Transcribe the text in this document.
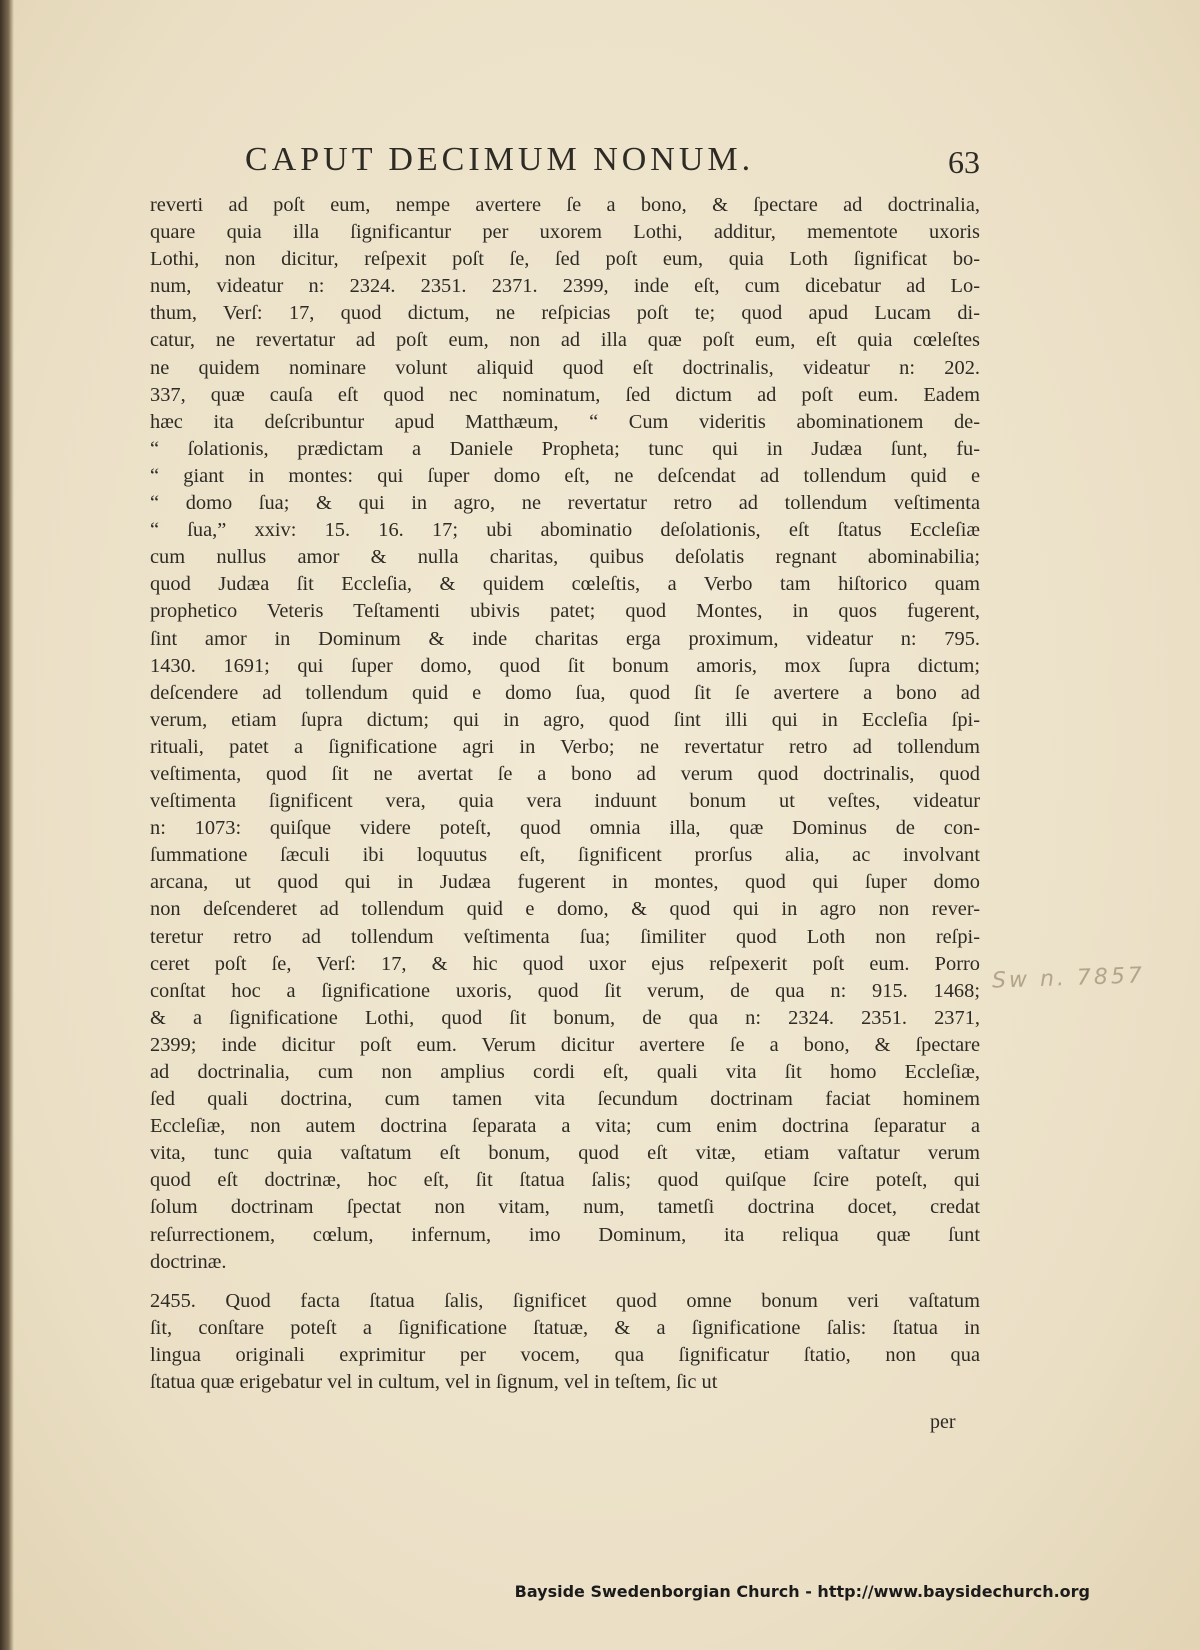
CAPUT DECIMUM NONUM.	63
reverti ad poſt eum, nempe avertere ſe a bono, & ſpectare ad doctrinalia,
quare quia illa ſignificantur per uxorem Lothi, additur, mementote uxoris
Lothi, non dicitur, reſpexit poſt ſe, ſed poſt eum, quia Loth ſignificat bo-
num, videatur n: 2324. 2351. 2371. 2399, inde eſt, cum dicebatur ad Lo-
thum, Verſ: 17, quod dictum, ne reſpicias poſt te; quod apud Lucam di-
catur, ne revertatur ad poſt eum, non ad illa quæ poſt eum, eſt quia cœleſtes
ne quidem nominare volunt aliquid quod eſt doctrinalis, videatur n: 202.
337, quæ cauſa eſt quod nec nominatum, ſed dictum ad poſt eum. Eadem
hæc ita deſcribuntur apud Matthæum, “ Cum videritis abominationem de-
“ ſolationis, prædictam a Daniele Propheta; tunc qui in Judæa ſunt, fu-
“ giant in montes: qui ſuper domo eſt, ne deſcendat ad tollendum quid e
“ domo ſua; & qui in agro, ne revertatur retro ad tollendum veſtimenta
“ ſua,” xxiv: 15. 16. 17; ubi abominatio deſolationis, eſt ſtatus Eccleſiæ
cum nullus amor & nulla charitas, quibus deſolatis regnant abominabilia;
quod Judæa ſit Eccleſia, & quidem cœleſtis, a Verbo tam hiſtorico quam
prophetico Veteris Teſtamenti ubivis patet; quod Montes, in quos fugerent,
ſint amor in Dominum & inde charitas erga proximum, videatur n: 795.
1430. 1691; qui ſuper domo, quod ſit bonum amoris, mox ſupra dictum;
deſcendere ad tollendum quid e domo ſua, quod ſit ſe avertere a bono ad
verum, etiam ſupra dictum; qui in agro, quod ſint illi qui in Eccleſia ſpi-
rituali, patet a ſignificatione agri in Verbo; ne revertatur retro ad tollendum
veſtimenta, quod ſit ne avertat ſe a bono ad verum quod doctrinalis, quod
veſtimenta ſignificent vera, quia vera induunt bonum ut veſtes, videatur
n: 1073: quiſque videre poteſt, quod omnia illa, quæ Dominus de con-
ſummatione ſæculi ibi loquutus eſt, ſignificent prorſus alia, ac involvant
arcana, ut quod qui in Judæa fugerent in montes, quod qui ſuper domo
non deſcenderet ad tollendum quid e domo, & quod qui in agro non rever-
teretur retro ad tollendum veſtimenta ſua; ſimiliter quod Loth non reſpi-
ceret poſt ſe, Verſ: 17, & hic quod uxor ejus reſpexerit poſt eum. Porro
conſtat hoc a ſignificatione uxoris, quod ſit verum, de qua n: 915. 1468;
& a ſignificatione Lothi, quod ſit bonum, de qua n: 2324. 2351. 2371,
2399; inde dicitur poſt eum. Verum dicitur avertere ſe a bono, & ſpectare
ad doctrinalia, cum non amplius cordi eſt, quali vita ſit homo Eccleſiæ,
ſed quali doctrina, cum tamen vita ſecundum doctrinam faciat hominem
Eccleſiæ, non autem doctrina ſeparata a vita; cum enim doctrina ſeparatur a
vita, tunc quia vaſtatum eſt bonum, quod eſt vitæ, etiam vaſtatur verum
quod eſt doctrinæ, hoc eſt, ſit ſtatua ſalis; quod quiſque ſcire poteſt, qui
ſolum doctrinam ſpectat non vitam, num, tametſi doctrina docet, credat
reſurrectionem, cœlum, infernum, imo Dominum, ita reliqua quæ ſunt
doctrinæ.
2455. Quod facta ſtatua ſalis, ſignificet quod omne bonum veri vaſtatum
ſit, conſtare poteſt a ſignificatione ſtatuæ, & a ſignificatione ſalis: ſtatua in
lingua originali exprimitur per vocem, qua ſignificatur ſtatio, non qua
ſtatua quæ erigebatur vel in cultum, vel in ſignum, vel in teſtem, ſic ut
per
Sw n. 7857
Bayside Swedenborgian Church - http://www.baysidechurch.org
